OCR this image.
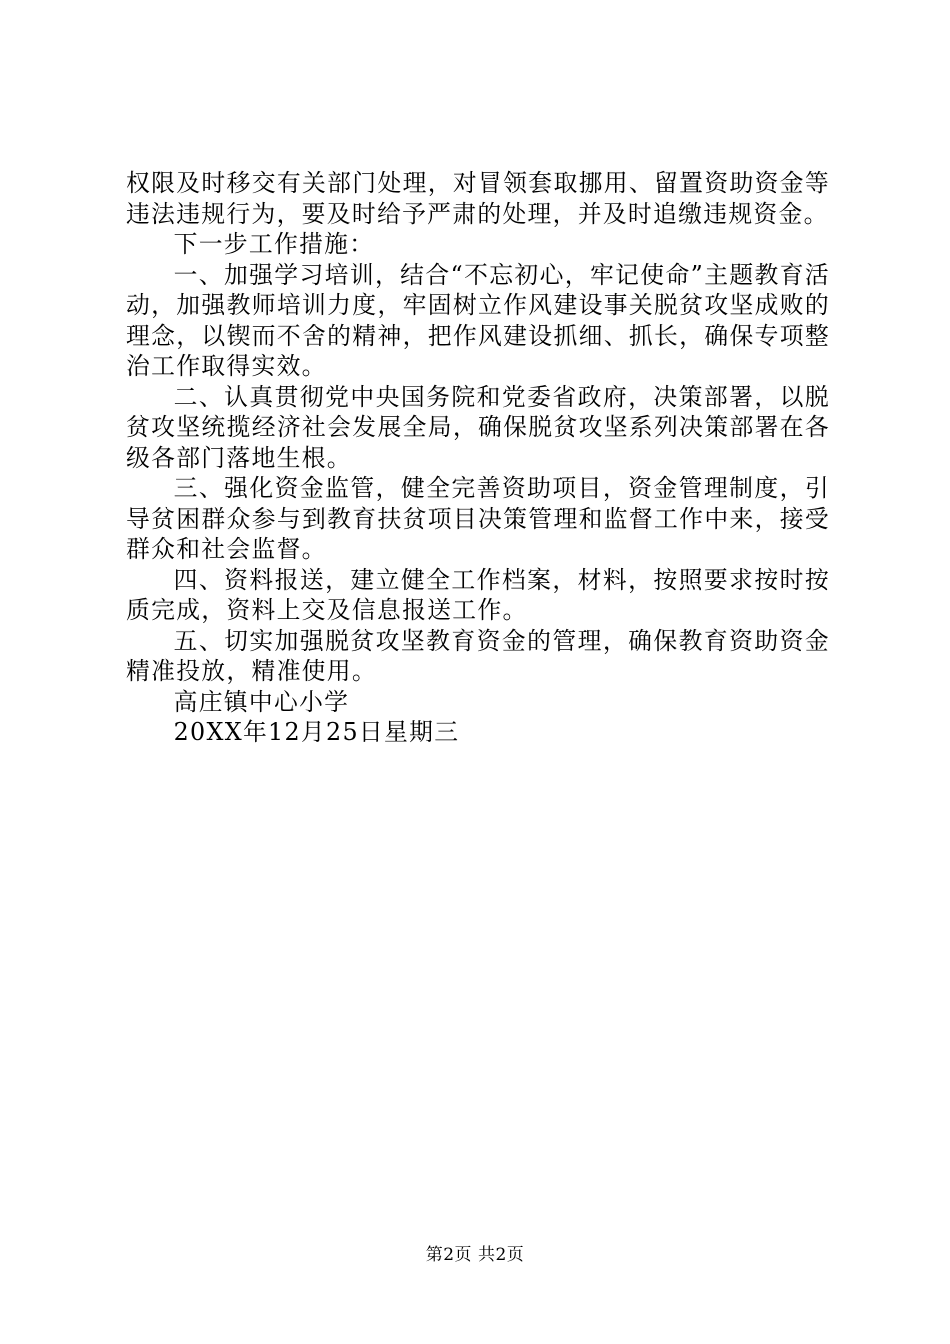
权限及时移交有关部门处理，对冒领套取挪用、留置资助资金等违法违规行为，要及时给予严肃的处理，并及时追缴违规资金。

下一步工作措施：

一、加强学习培训，结合“不忘初心，牢记使命”主题教育活动，加强教师培训力度，牢固树立作风建设事关脱贫攻坚成败的理念，以锲而不舍的精神，把作风建设抓细、抓长，确保专项整治工作取得实效。

二、认真贯彻党中央国务院和党委省政府，决策部署，以脱贫攻坚统揽经济社会发展全局，确保脱贫攻坚系列决策部署在各级各部门落地生根。

三、强化资金监管，健全完善资助项目，资金管理制度，引导贫困群众参与到教育扶贫项目决策管理和监督工作中来，接受群众和社会监督。

四、资料报送，建立健全工作档案，材料，按照要求按时按质完成，资料上交及信息报送工作。

五、切实加强脱贫攻坚教育资金的管理，确保教育资助资金精准投放，精准使用。

高庄镇中心小学

20XX年12月25日星期三

第2页 共2页
